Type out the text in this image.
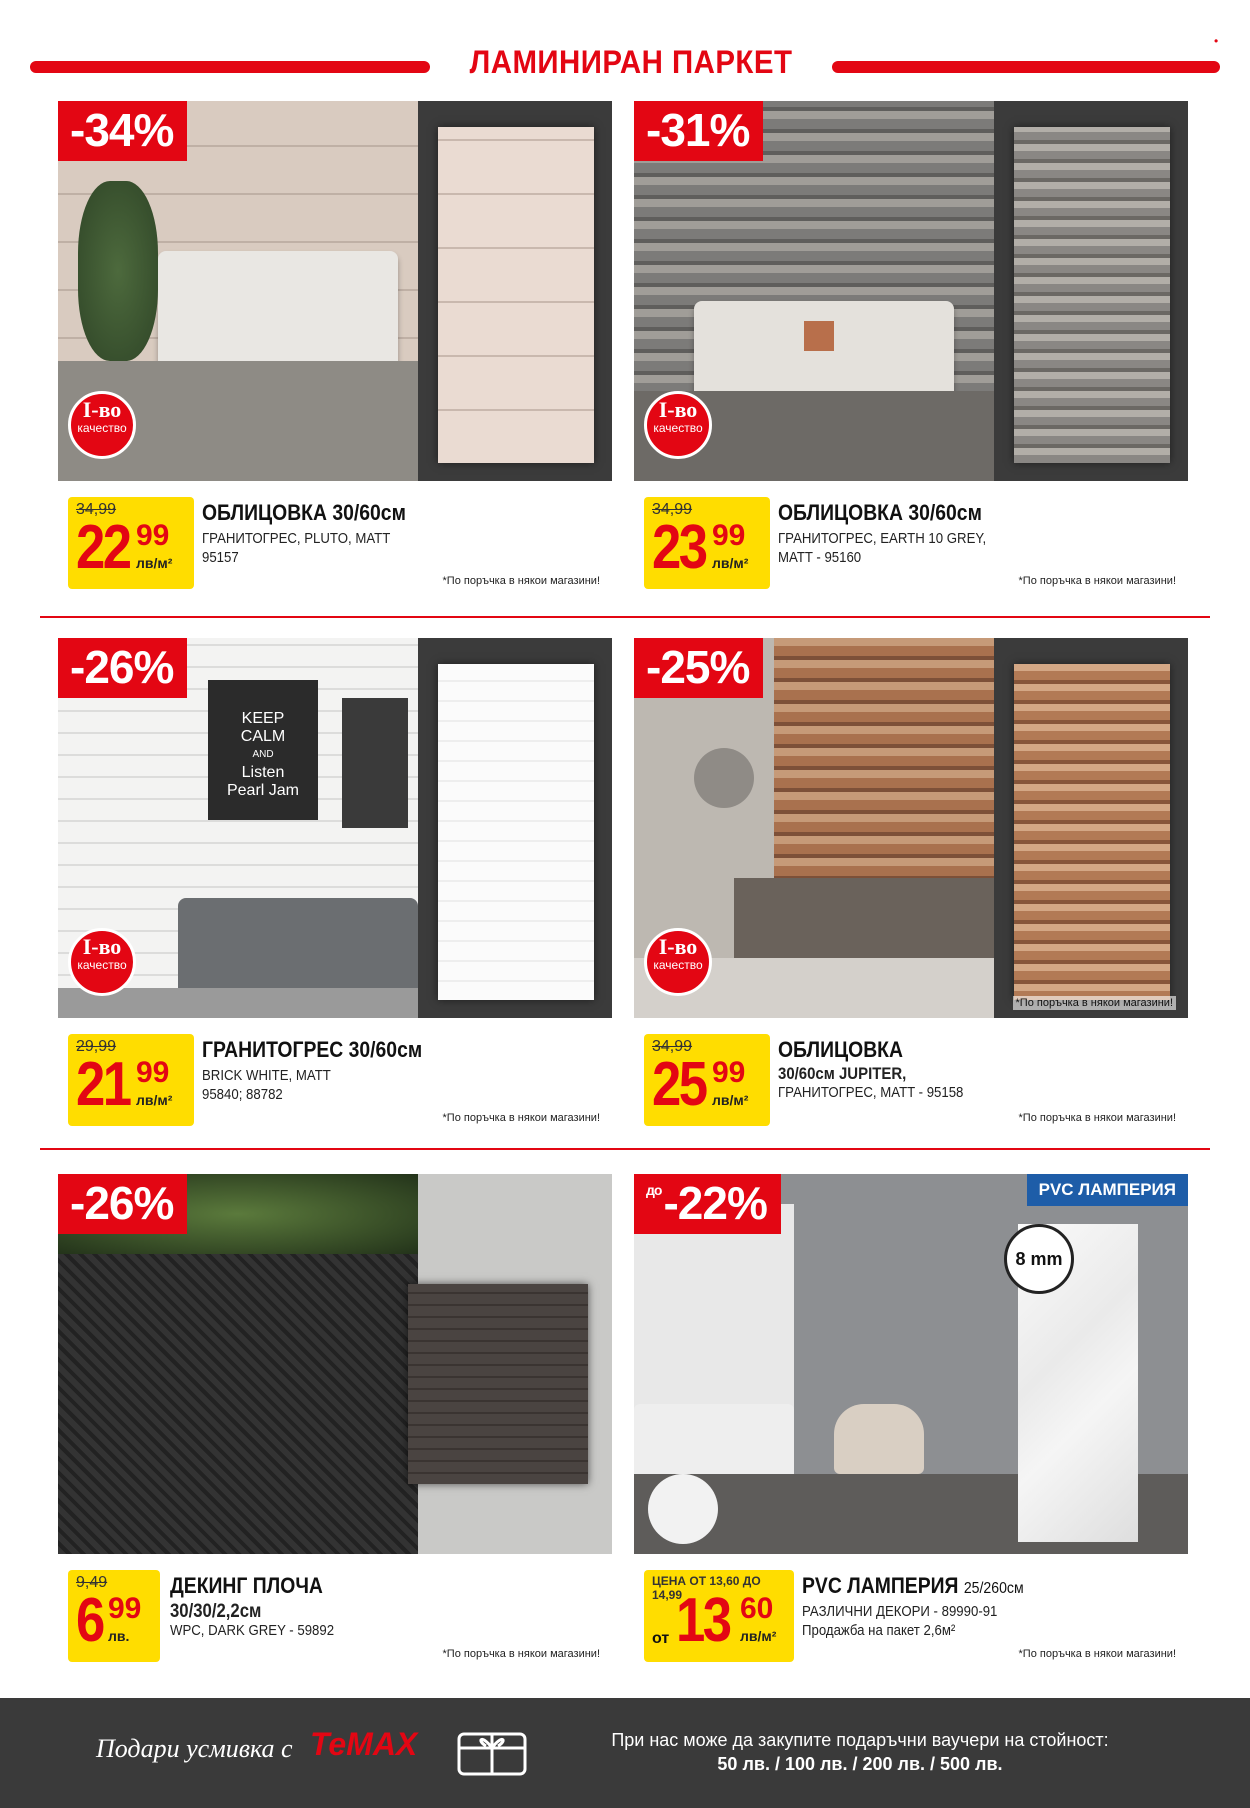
ЛАМИНИРАН ПАРКЕТ
•
-34%
I-во
качество
34,99
22 99
лв/м²
ОБЛИЦОВКА 30/60см
ГРАНИТОГРЕС, PLUTO, MATT
95157
*По поръчка в някои магазини!
-31%
I-во
качество
34,99
23 99
лв/м²
ОБЛИЦОВКА 30/60см
ГРАНИТОГРЕС, EARTH 10 GREY,
MATT - 95160
*По поръчка в някои магазини!
KEEP
CALM
AND
Listen
Pearl Jam
-26%
I-во
качество
29,99
21 99
лв/м²
ГРАНИТОГРЕС 30/60см
BRICK WHITE, MATT
95840; 88782
*По поръчка в някои магазини!
-25%
I-во
качество
*По поръчка в някои магазини!
34,99
25 99
лв/м²
ОБЛИЦОВКА
30/60см JUPITER,
ГРАНИТОГРЕС, MATT - 95158
*По поръчка в някои магазини!
-26%
9,49
6 99
лв.
ДЕКИНГ ПЛОЧА
30/30/2,2см
WPC, DARK GREY - 59892
*По поръчка в някои магазини!
PVC ЛАМПЕРИЯ
8 mm
$^{до}$-22%
ЦЕНА ОТ 13,60 ДО 14,99
от 13 60
лв/м²
PVC ЛАМПЕРИЯ 25/260см
РАЗЛИЧНИ ДЕКОРИ - 89990-91
Продажба на пакет 2,6м²
*По поръчка в някои магазини!
Подари усмивка с TeMAX	При нас може да закупите подаръчни ваучери на стойност:
50 лв. / 100 лв. / 200 лв. / 500 лв.
